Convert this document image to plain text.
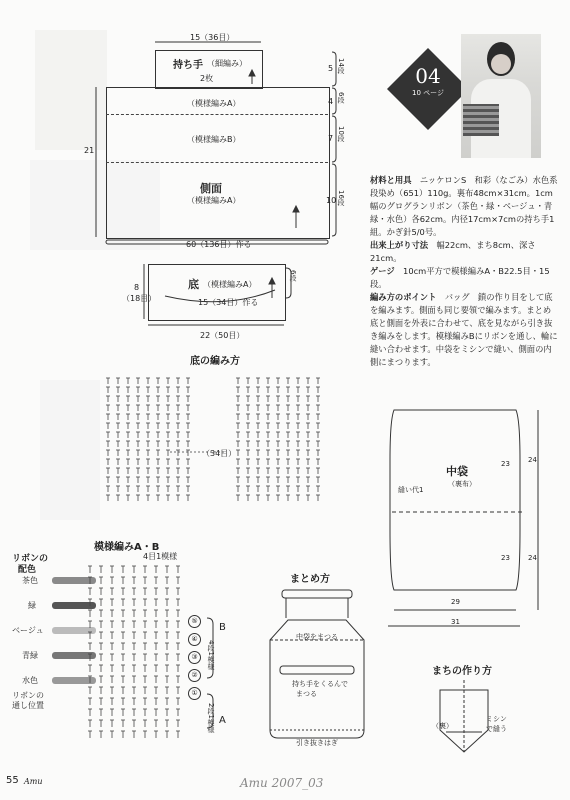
15（36目）
持ち手 （細編み）
2枚
（模様編みA）
（模様編みB）
側面
（模様編みA）
21
5 14段
4 6段
7 10段
10 16段
60（136目）作る
底 （模様編みA）
6段
8
（18目）	15（34目）作る
22（50目）
底の編み方
（34目）
模様編みA・B
4目1模様
リボンの
配色
茶色
緑
ベージュ
青緑
水色
リボンの
通し位置
⑤
④
③
②
①
B
A
4段1模様
2段1模様
まとめ方
中袋をまつる
持ち手をくるんで
まつる
引き抜きはぎ
04
10 ページ

材料と用具　 ニッケロンS　和彩（なごみ）水色系段染め（651）110g。裏布48cm×31cm。1cm幅のグログランリボン（茶色・緑・ベージュ・青緑・水色）各62cm。内径17cm×7cmの持ち手1組。かぎ針5/0号。

出来上がり寸法　 幅22cm、まち8cm、深さ21cm。

ゲージ　 10cm平方で模様編みA・B22.5目・15段。

編み方のポイント　 バッグ　鎖の作り目をして底を編みます。側面も同じ要領で編みます。まとめ　底と側面を外表に合わせて、底を見ながら引き抜き編みをします。模様編みBにリボンを通し、輪に縫い合わせます。中袋をミシンで縫い、側面の内側にまつります。

中袋
（裏布）
縫い代1
23
23
24
24
29
31
まちの作り方
（裏）
ミシン
で縫う
55 Amu	Amu 2007_03
